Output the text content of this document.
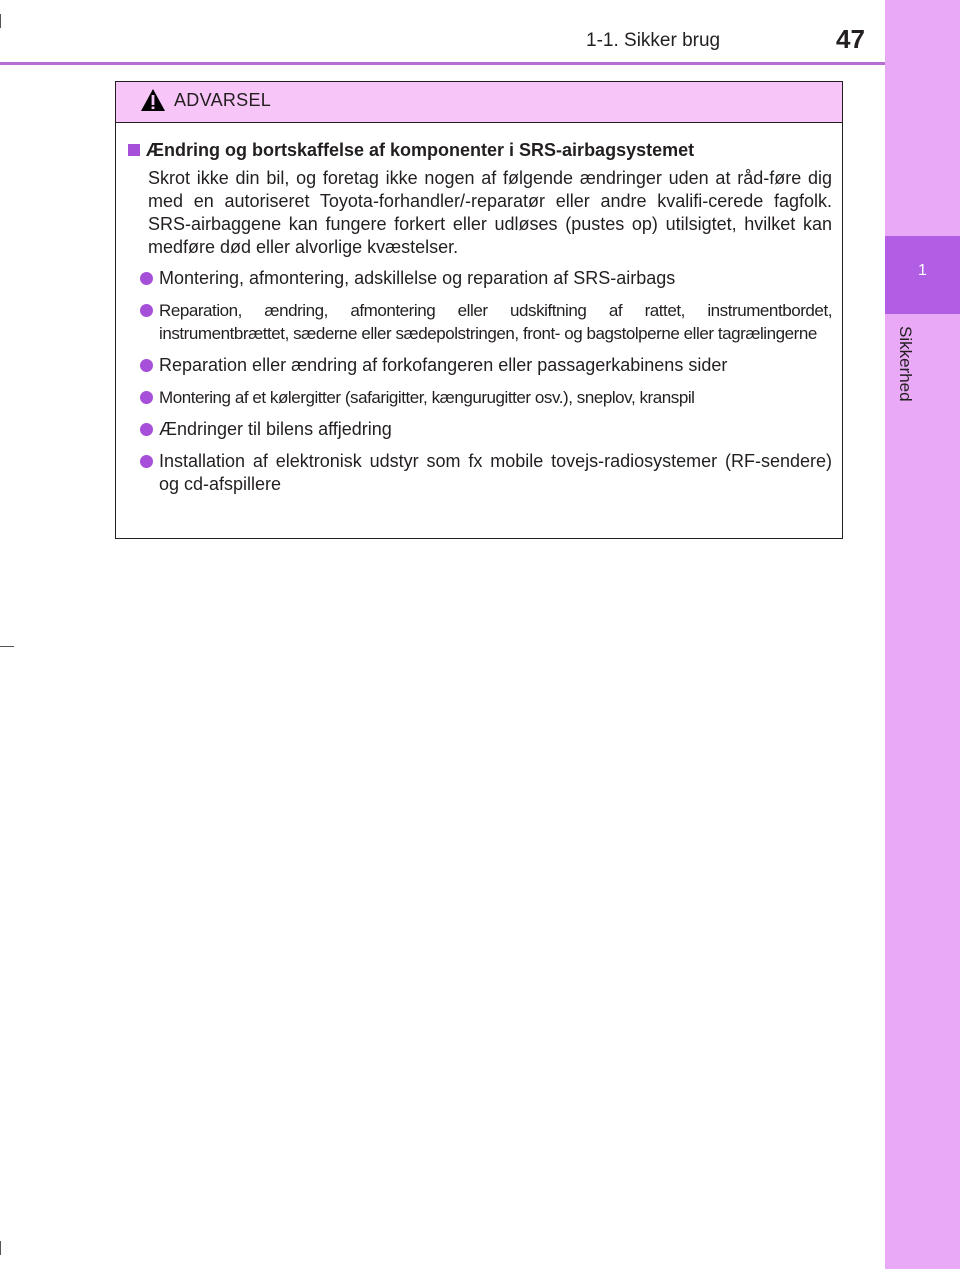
1-1. Sikker brug	47
1
Sikkerhed
ADVARSEL
Ændring og bortskaffelse af komponenter i SRS-airbagsystemet
Skrot ikke din bil, og foretag ikke nogen af følgende ændringer uden at råd-føre dig med en autoriseret Toyota-forhandler/-reparatør eller andre kvalifi-cerede fagfolk. SRS-airbaggene kan fungere forkert eller udløses (pustes op) utilsigtet, hvilket kan medføre død eller alvorlige kvæstelser.
Montering, afmontering, adskillelse og reparation af SRS-airbags
Reparation, ændring, afmontering eller udskiftning af rattet, instrumentbordet, instrumentbrættet, sæderne eller sædepolstringen, front- og bagstolperne eller tagrælingerne
Reparation eller ændring af forkofangeren eller passagerkabinens sider
Montering af et kølergitter (safarigitter, kængurugitter osv.), sneplov, kranspil
Ændringer til bilens affjedring
Installation af elektronisk udstyr som fx mobile tovejs-radiosystemer (RF-sendere) og cd-afspillere
